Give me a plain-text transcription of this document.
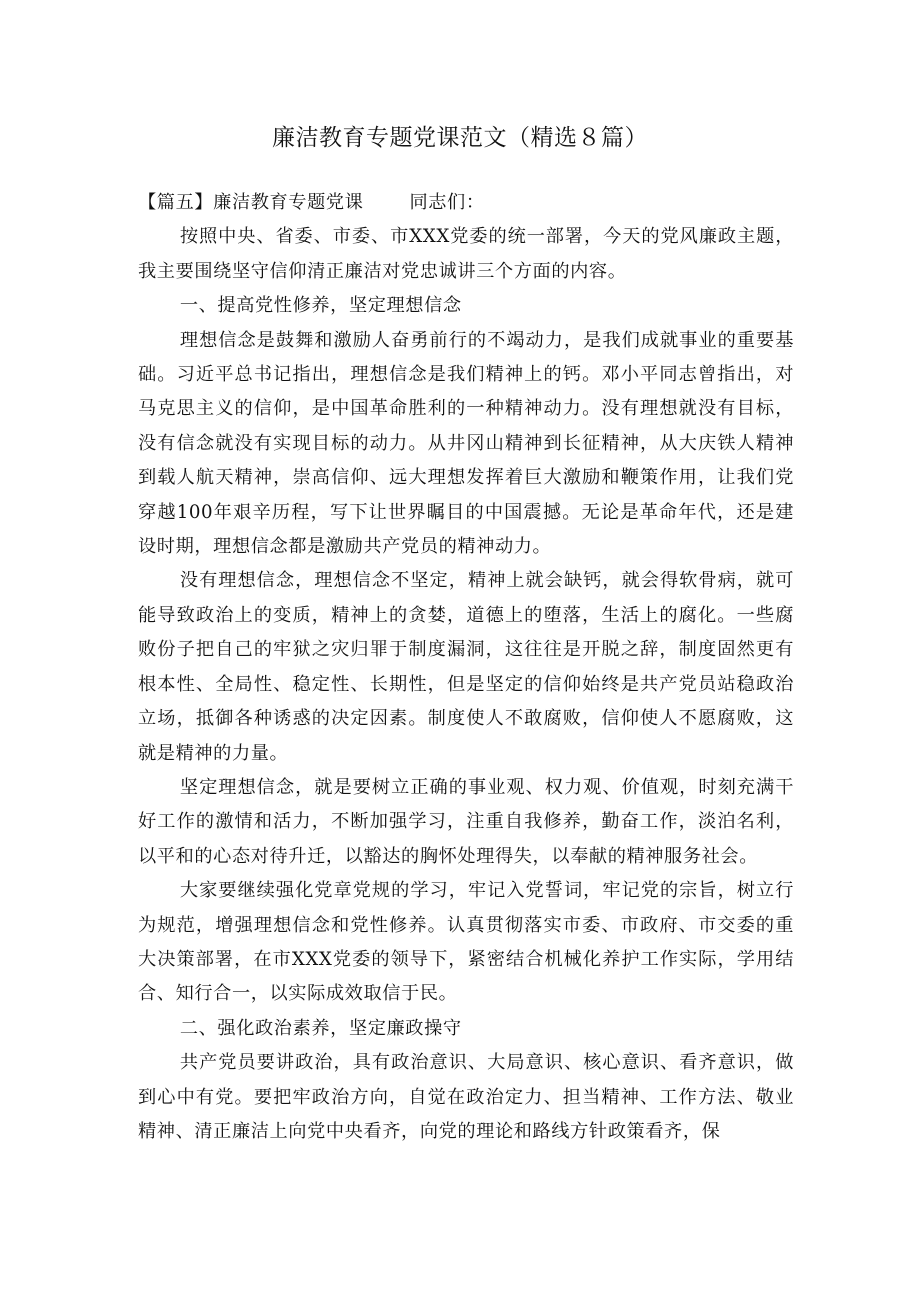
廉洁教育专题党课范文（精选８篇）

【篇五】廉洁教育专题党课	同志们：

按照中央、省委、市委、市XXX党委的统一部署，今天的党风廉政主题，我主要围绕坚守信仰清正廉洁对党忠诚讲三个方面的内容。

一、提高党性修养，坚定理想信念

理想信念是鼓舞和激励人奋勇前行的不竭动力，是我们成就事业的重要基础。习近平总书记指出，理想信念是我们精神上的钙。邓小平同志曾指出，对马克思主义的信仰，是中国革命胜利的一种精神动力。没有理想就没有目标，没有信念就没有实现目标的动力。从井冈山精神到长征精神，从大庆铁人精神到载人航天精神，崇高信仰、远大理想发挥着巨大激励和鞭策作用，让我们党穿越100年艰辛历程，写下让世界瞩目的中国震撼。无论是革命年代，还是建设时期，理想信念都是激励共产党员的精神动力。

没有理想信念，理想信念不坚定，精神上就会缺钙，就会得软骨病，就可能导致政治上的变质，精神上的贪婪，道德上的堕落，生活上的腐化。一些腐败份子把自己的牢狱之灾归罪于制度漏洞，这往往是开脱之辞，制度固然更有根本性、全局性、稳定性、长期性，但是坚定的信仰始终是共产党员站稳政治立场，抵御各种诱惑的决定因素。制度使人不敢腐败，信仰使人不愿腐败，这就是精神的力量。

坚定理想信念，就是要树立正确的事业观、权力观、价值观，时刻充满干好工作的激情和活力，不断加强学习，注重自我修养，勤奋工作，淡泊名利，以平和的心态对待升迁，以豁达的胸怀处理得失，以奉献的精神服务社会。

大家要继续强化党章党规的学习，牢记入党誓词，牢记党的宗旨，树立行为规范，增强理想信念和党性修养。认真贯彻落实市委、市政府、市交委的重大决策部署，在市XXX党委的领导下，紧密结合机械化养护工作实际，学用结合、知行合一，以实际成效取信于民。

二、强化政治素养，坚定廉政操守

共产党员要讲政治，具有政治意识、大局意识、核心意识、看齐意识，做到心中有党。要把牢政治方向，自觉在政治定力、担当精神、工作方法、敬业精神、清正廉洁上向党中央看齐，向党的理论和路线方针政策看齐，保
